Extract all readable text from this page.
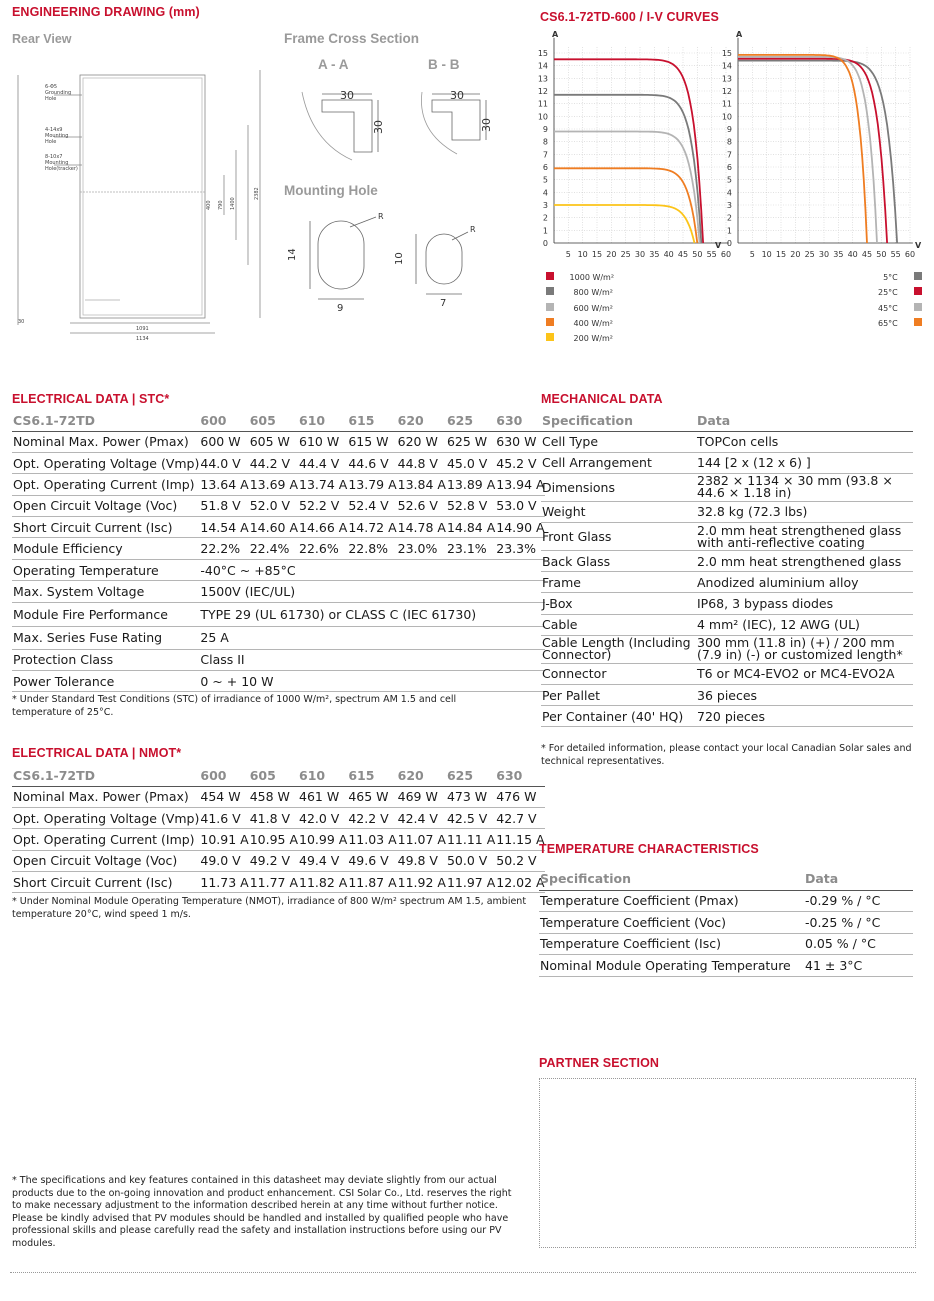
ENGINEERING DRAWING (mm)
Rear View	Frame Cross Section
A - A	B - B
Mounting Hole
6-Φ5
Grounding
Hole
4-14x9
Mounting
Hole
8-10x7
Mounting
Hole(tracker)
1091
1134
30
400 790 1400
2382
30
30
30
30
R
14
9
R
10
7
CS6.1-72TD-600 / I-V CURVES
15
14
13
12
11
10
9
8
7
6
5
4
3
2
1
0
5 10 15 20 25 30 35 40 45 50 55 60
A
V
15
14
13
12
11
10
9
8
7
6
5
4
3
2
1
0
5 10 15 20 25 30 35 40 45 50 55 60
A
V
1000 W/m²
800 W/m²
600 W/m²
400 W/m²
200 W/m²
5°C
25°C
45°C
65°C
ELECTRICAL DATA | STC*
CS6.1-72TD	600	605	610	615	620	625	630
Nominal Max. Power (Pmax)	600 W	605 W	610 W	615 W	620 W	625 W	630 W
Opt. Operating Voltage (Vmp)	44.0 V	44.2 V	44.4 V	44.6 V	44.8 V	45.0 V	45.2 V
Opt. Operating Current (Imp)	13.64 A	13.69 A	13.74 A	13.79 A	13.84 A	13.89 A	13.94 A
Open Circuit Voltage (Voc)	51.8 V	52.0 V	52.2 V	52.4 V	52.6 V	52.8 V	53.0 V
Short Circuit Current (Isc)	14.54 A	14.60 A	14.66 A	14.72 A	14.78 A	14.84 A	14.90 A
Module Efficiency	22.2%	22.4%	22.6%	22.8%	23.0%	23.1%	23.3%
Operating Temperature	-40°C ~ +85°C						
Max. System Voltage	1500V (IEC/UL)						
Module Fire Performance	TYPE 29 (UL 61730) or CLASS C (IEC 61730)						
Max. Series Fuse Rating	25 A						
Protection Class	Class II						
Power Tolerance	0 ~ + 10 W						
* Under Standard Test Conditions (STC) of irradiance of 1000 W/m², spectrum AM 1.5 and cell temperature of 25°C.
ELECTRICAL DATA | NMOT*
CS6.1-72TD	600	605	610	615	620	625	630
Nominal Max. Power (Pmax)	454 W	458 W	461 W	465 W	469 W	473 W	476 W
Opt. Operating Voltage (Vmp)	41.6 V	41.8 V	42.0 V	42.2 V	42.4 V	42.5 V	42.7 V
Opt. Operating Current (Imp)	10.91 A	10.95 A	10.99 A	11.03 A	11.07 A	11.11 A	11.15 A
Open Circuit Voltage (Voc)	49.0 V	49.2 V	49.4 V	49.6 V	49.8 V	50.0 V	50.2 V
Short Circuit Current (Isc)	11.73 A	11.77 A	11.82 A	11.87 A	11.92 A	11.97 A	12.02 A
* Under Nominal Module Operating Temperature (NMOT), irradiance of 800 W/m² spectrum AM 1.5, ambient temperature 20°C, wind speed 1 m/s.
MECHANICAL DATA
Specification	Data
Cell Type	TOPCon cells
Cell Arrangement	144 [2 x (12 x 6) ]
Dimensions	2382 × 1134 × 30 mm (93.8 × 44.6 × 1.18 in)
Weight	32.8 kg (72.3 lbs)
Front Glass	2.0 mm heat strengthened glass with anti-reflective coating
Back Glass	2.0 mm heat strengthened glass
Frame	Anodized aluminium alloy
J-Box	IP68, 3 bypass diodes
Cable	4 mm² (IEC), 12 AWG (UL)
Cable Length (Including Connector)	300 mm (11.8 in) (+) / 200 mm (7.9 in) (-) or customized length*
Connector	T6 or MC4-EVO2 or MC4-EVO2A
Per Pallet	36 pieces
Per Container (40' HQ)	720 pieces
* For detailed information, please contact your local Canadian Solar sales and technical representatives.
TEMPERATURE CHARACTERISTICS
Specification	Data
Temperature Coefficient (Pmax)	-0.29 % / °C
Temperature Coefficient (Voc)	-0.25 % / °C
Temperature Coefficient (Isc)	0.05 % / °C
Nominal Module Operating Temperature	41 ± 3°C
PARTNER SECTION
* The specifications and key features contained in this datasheet may deviate slightly from our actual products due to the on-going innovation and product enhancement. CSI Solar Co., Ltd. reserves the right to make necessary adjustment to the information described herein at any time without further notice.
Please be kindly advised that PV modules should be handled and installed by qualified people who have professional skills and please carefully read the safety and installation instructions before using our PV modules.
